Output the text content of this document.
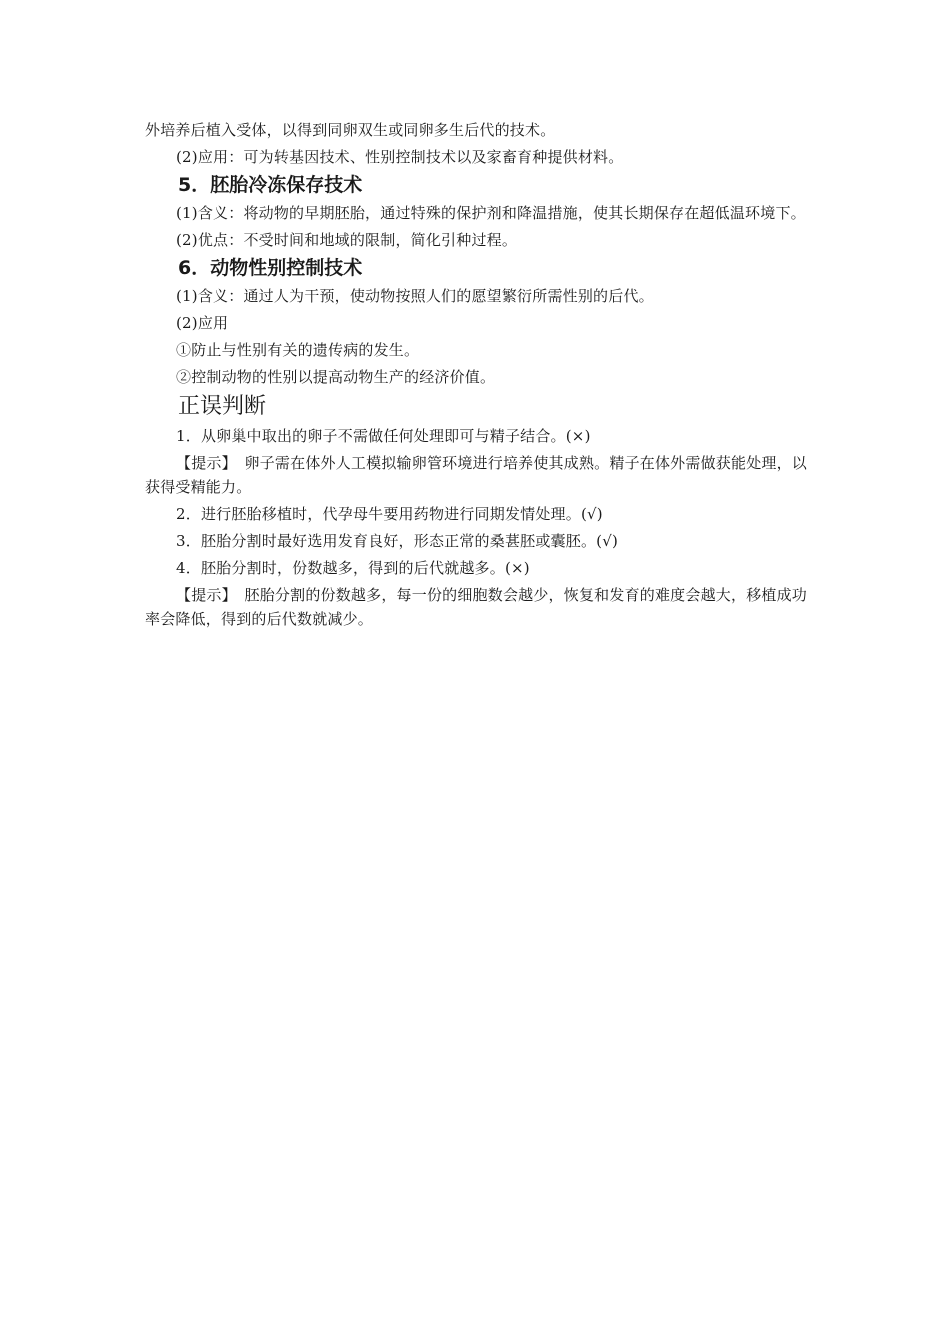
外培养后植入受体，以得到同卵双生或同卵多生后代的技术。

(2)应用：可为转基因技术、性别控制技术以及家畜育种提供材料。

5．胚胎冷冻保存技术

(1)含义：将动物的早期胚胎，通过特殊的保护剂和降温措施，使其长期保存在超低温环境下。

(2)优点：不受时间和地域的限制，简化引种过程。

6．动物性别控制技术

(1)含义：通过人为干预，使动物按照人们的愿望繁衍所需性别的后代。

(2)应用

①防止与性别有关的遗传病的发生。

②控制动物的性别以提高动物生产的经济价值。

正误判断

1．从卵巢中取出的卵子不需做任何处理即可与精子结合。(×)

【提示】　卵子需在体外人工模拟输卵管环境进行培养使其成熟。精子在体外需做获能处理，以获得受精能力。

2．进行胚胎移植时，代孕母牛要用药物进行同期发情处理。(√)

3．胚胎分割时最好选用发育良好，形态正常的桑葚胚或囊胚。(√)

4．胚胎分割时，份数越多，得到的后代就越多。(×)

【提示】　胚胎分割的份数越多，每一份的细胞数会越少，恢复和发育的难度会越大，移植成功率会降低，得到的后代数就减少。
